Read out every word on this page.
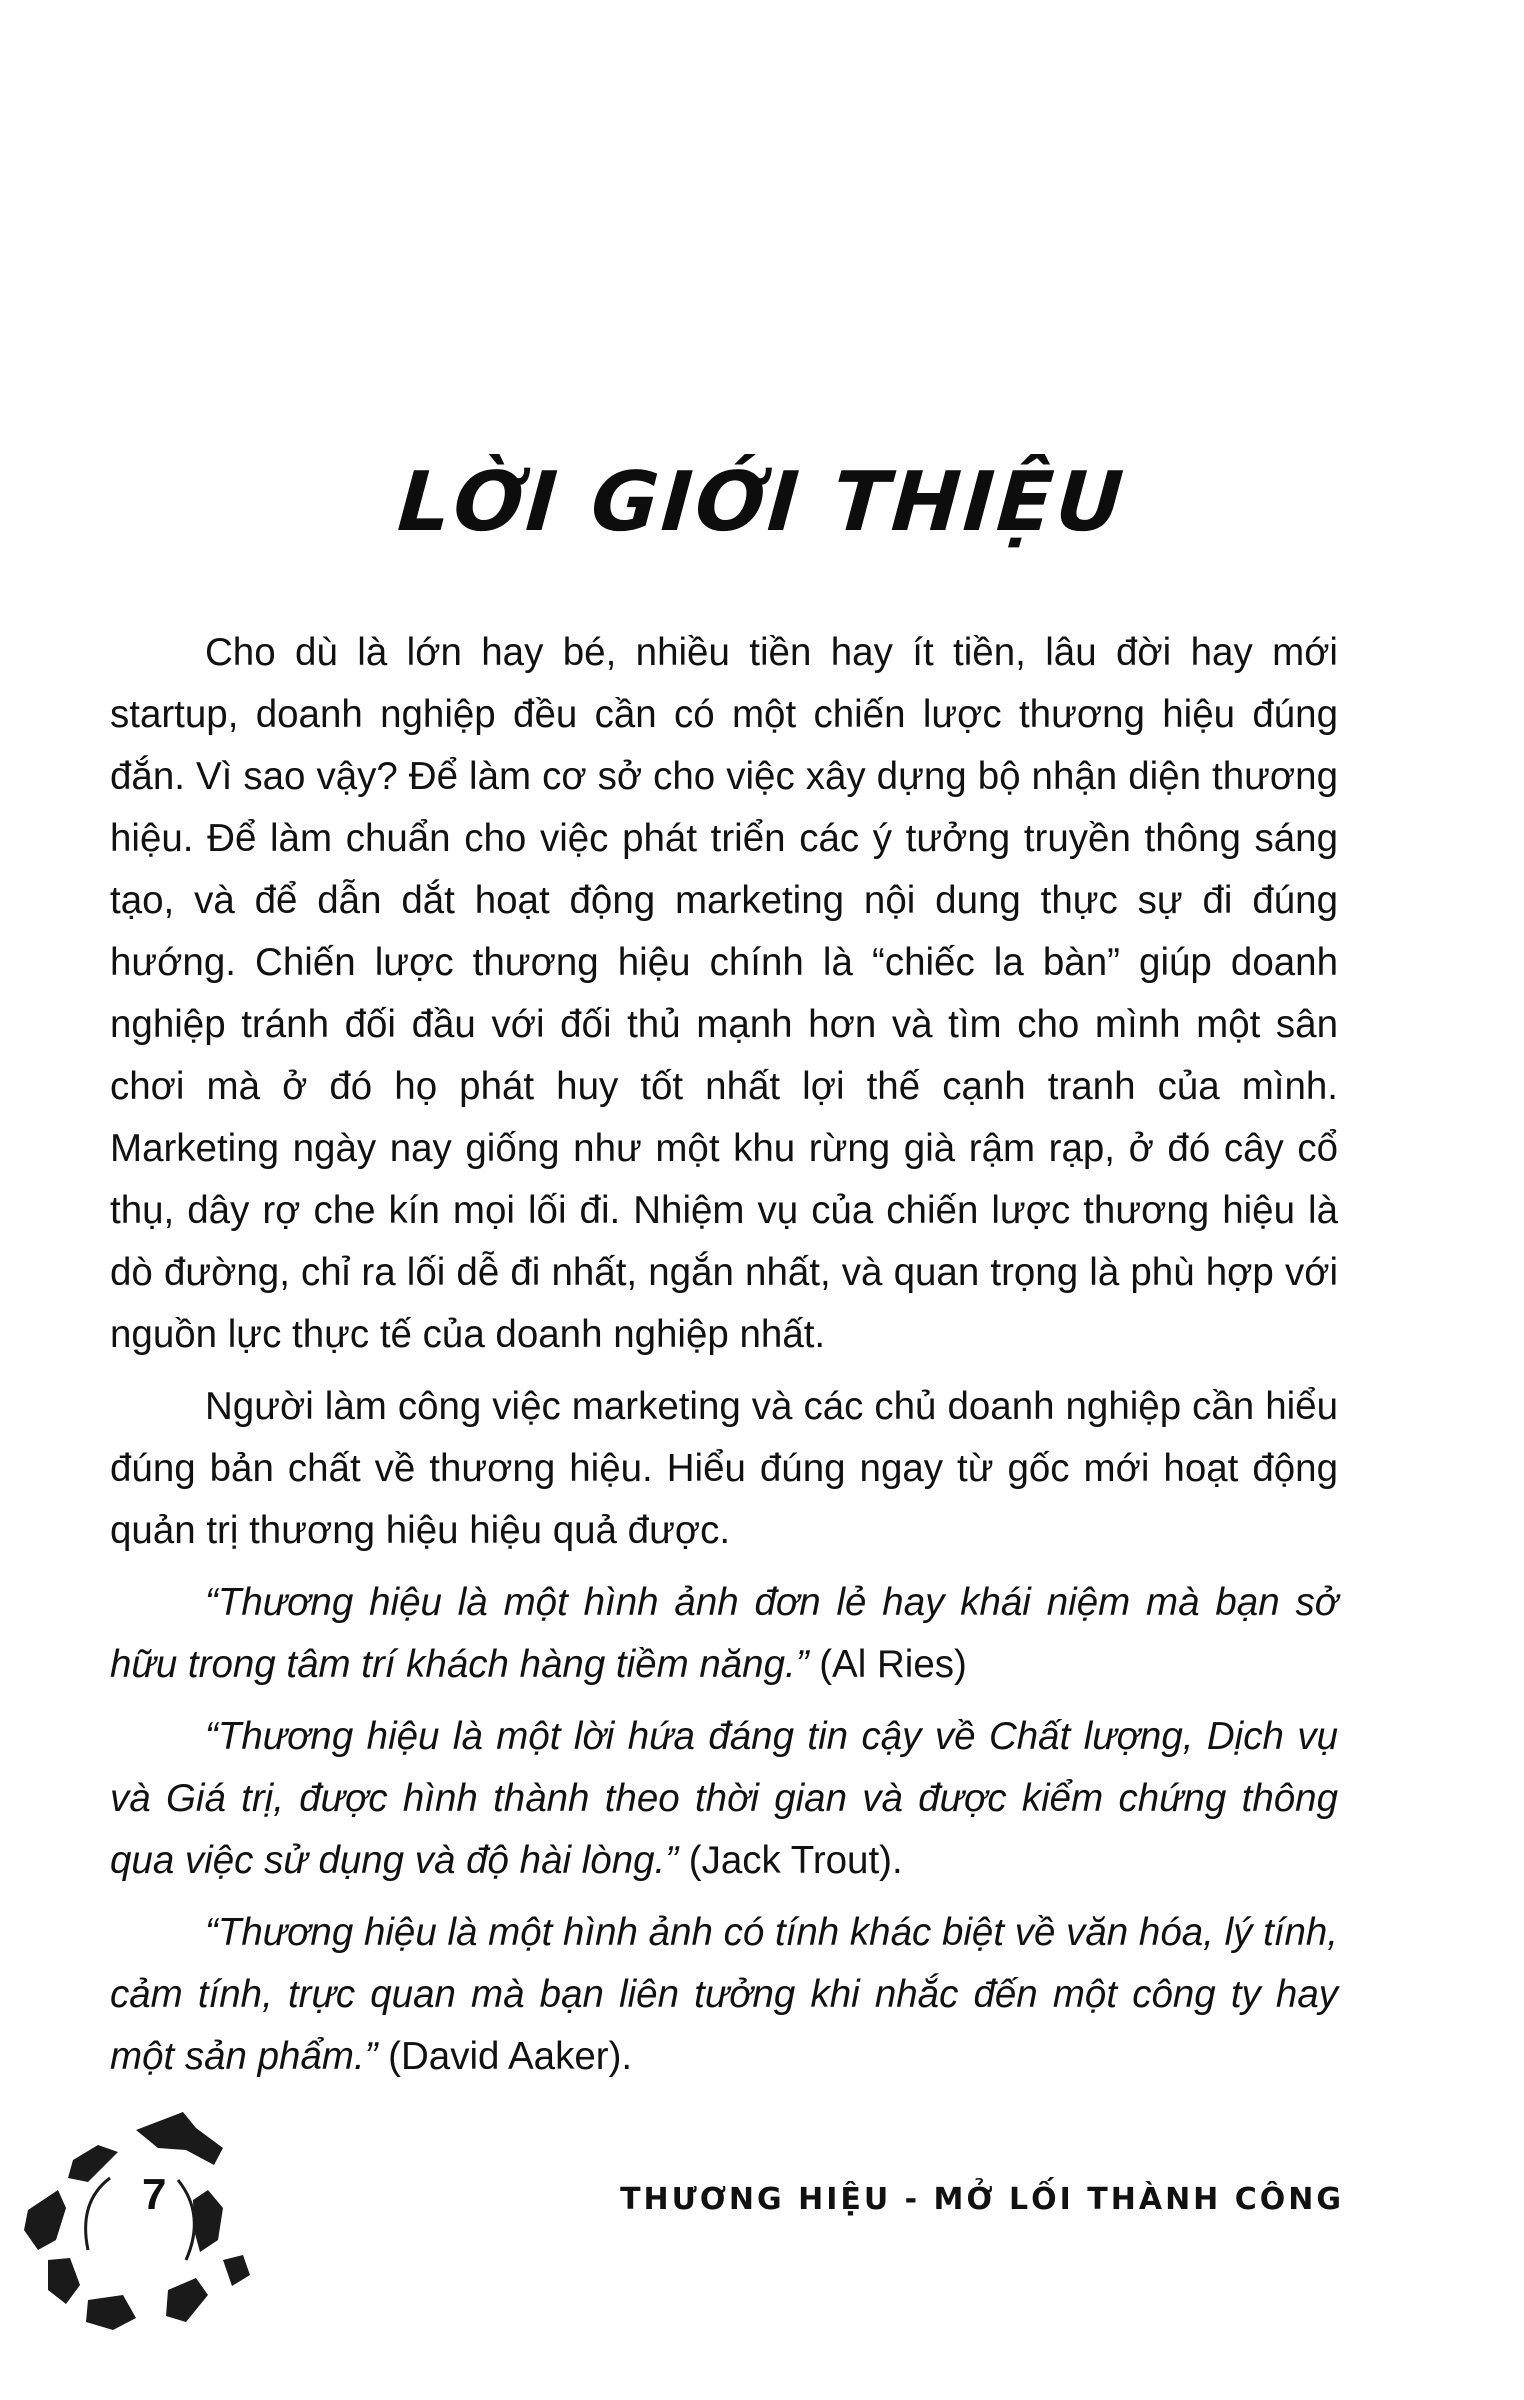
LỜI GIỚI THIỆU

Cho dù là lớn hay bé, nhiều tiền hay ít tiền, lâu đời hay mới startup, doanh nghiệp đều cần có một chiến lược thương hiệu đúng đắn. Vì sao vậy? Để làm cơ sở cho việc xây dựng bộ nhận diện thương hiệu. Để làm chuẩn cho việc phát triển các ý tưởng truyền thông sáng tạo, và để dẫn dắt hoạt động marketing nội dung thực sự đi đúng hướng. Chiến lược thương hiệu chính là “chiếc la bàn” giúp doanh nghiệp tránh đối đầu với đối thủ mạnh hơn và tìm cho mình một sân chơi mà ở đó họ phát huy tốt nhất lợi thế cạnh tranh của mình. Marketing ngày nay giống như một khu rừng già rậm rạp, ở đó cây cổ thụ, dây rợ che kín mọi lối đi. Nhiệm vụ của chiến lược thương hiệu là dò đường, chỉ ra lối dễ đi nhất, ngắn nhất, và quan trọng là phù hợp với nguồn lực thực tế của doanh nghiệp nhất.

Người làm công việc marketing và các chủ doanh nghiệp cần hiểu đúng bản chất về thương hiệu. Hiểu đúng ngay từ gốc mới hoạt động quản trị thương hiệu hiệu quả được.

“Thương hiệu là một hình ảnh đơn lẻ hay khái niệm mà bạn sở hữu trong tâm trí khách hàng tiềm năng.” (Al Ries)

“Thương hiệu là một lời hứa đáng tin cậy về Chất lượng, Dịch vụ và Giá trị, được hình thành theo thời gian và được kiểm chứng thông qua việc sử dụng và độ hài lòng.” (Jack Trout).

“Thương hiệu là một hình ảnh có tính khác biệt về văn hóa, lý tính, cảm tính, trực quan mà bạn liên tưởng khi nhắc đến một công ty hay một sản phẩm.” (David Aaker).

7	THƯƠNG HIỆU - MỞ LỐI THÀNH CÔNG
